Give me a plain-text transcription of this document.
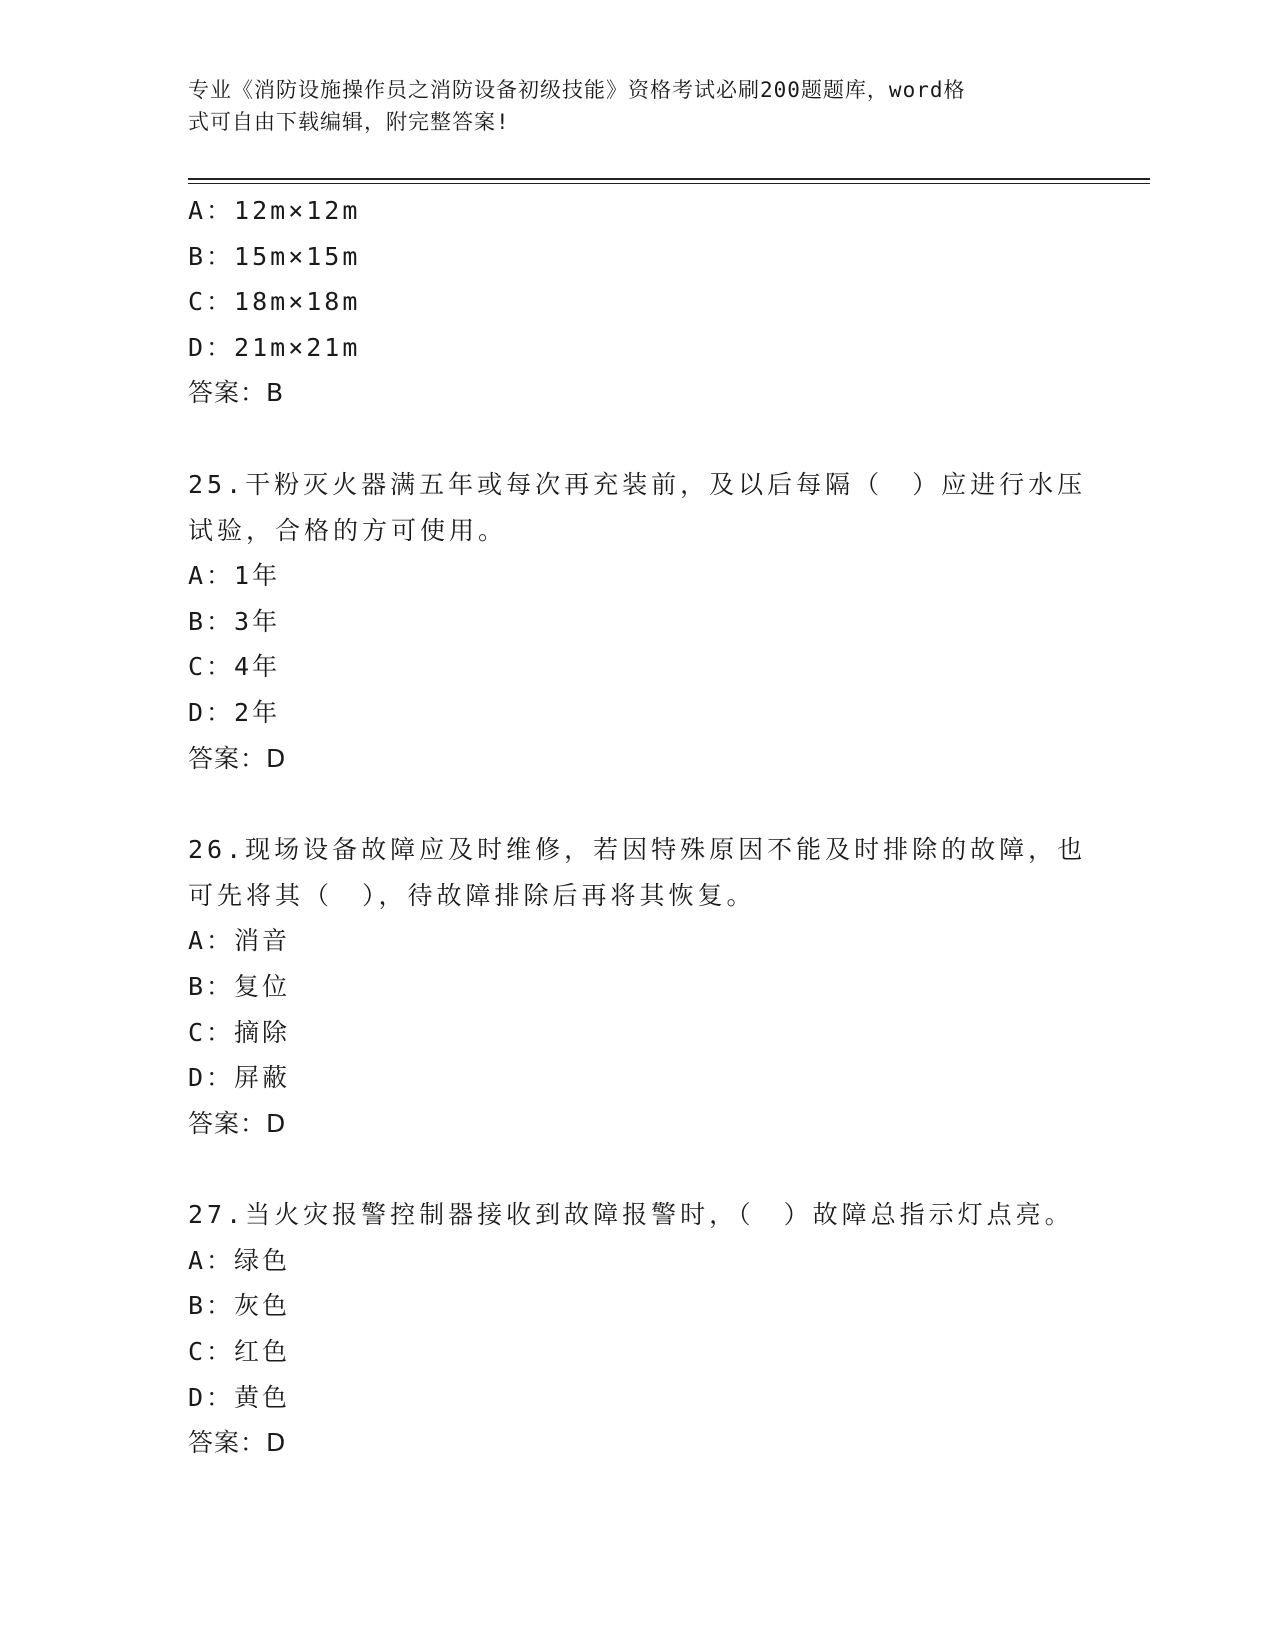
专业《消防设施操作员之消防设备初级技能》资格考试必刷200题题库，word格
式可自由下载编辑，附完整答案!
A：12m×12m
B：15m×15m
C：18m×18m
D：21m×21m
答案：B
25.干粉灭火器满五年或每次再充装前，及以后每隔（　）应进行水压
试验，合格的方可使用。
A：1年
B：3年
C：4年
D：2年
答案：D
26.现场设备故障应及时维修，若因特殊原因不能及时排除的故障，也
可先将其（　），待故障排除后再将其恢复。
A：消音
B：复位
C：摘除
D：屏蔽
答案：D
27.当火灾报警控制器接收到故障报警时，（　）故障总指示灯点亮。
A：绿色
B：灰色
C：红色
D：黄色
答案：D
